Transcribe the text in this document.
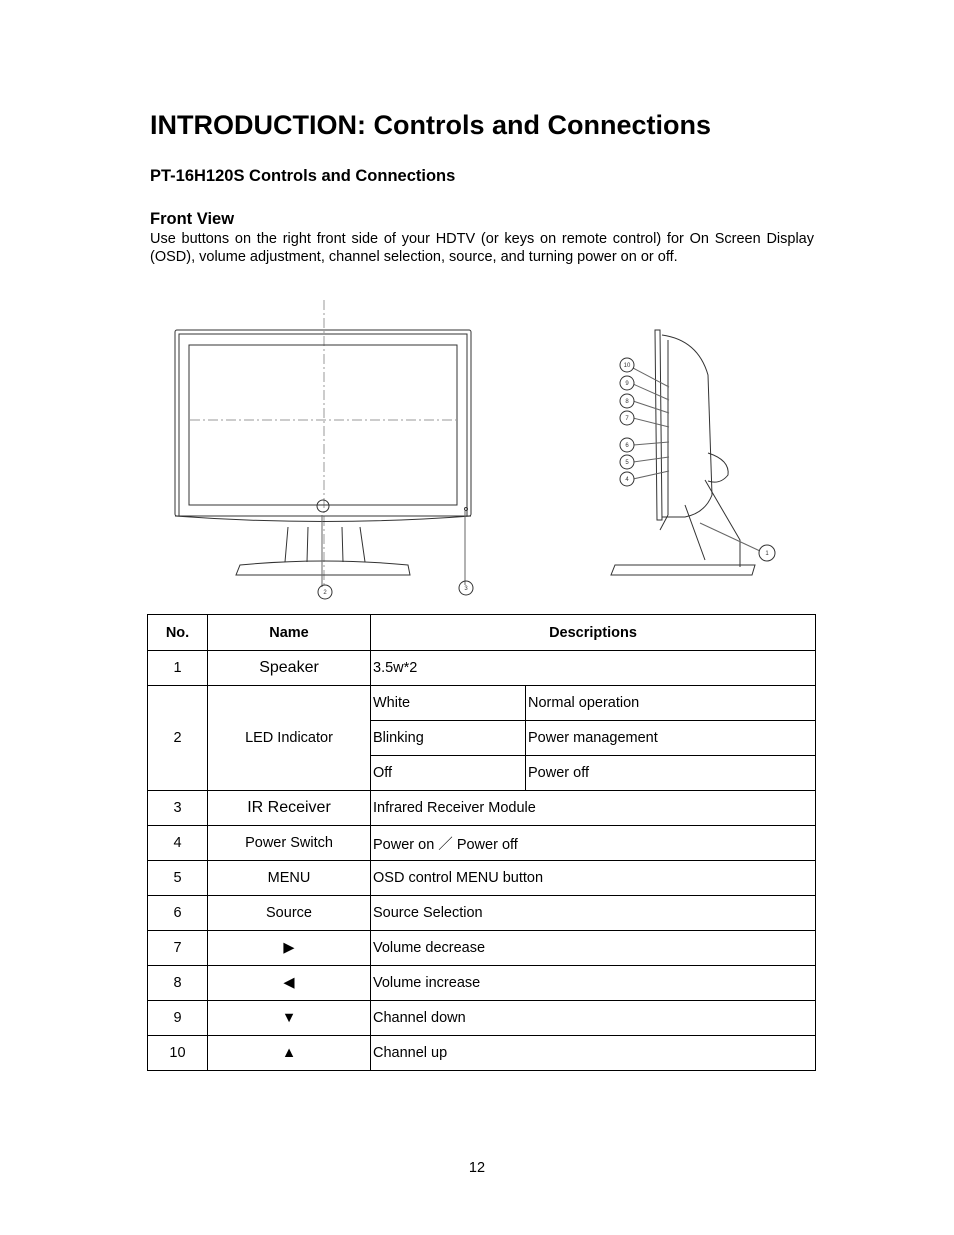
INTRODUCTION: Controls and Connections
PT-16H120S Controls and Connections
Front View

Use buttons on the right front side of your HDTV (or keys on remote control) for On Screen Display (OSD), volume adjustment, channel selection, source, and turning power on or off.

2
3
10
9
8
7
6
5
4
1
No.	Name	Descriptions	
1	Speaker	3.5w*2	
2	LED Indicator	White	Normal operation
		Blinking	Power management
		Off	Power off
3	IR Receiver	Infrared Receiver Module	
4	Power Switch	Power on ／ Power off	
5	MENU	OSD control MENU button	
6	Source	Source Selection	
7	▶	Volume decrease	
8	◀	Volume increase	
9	▼	Channel down	
10	▲	Channel up	
12
